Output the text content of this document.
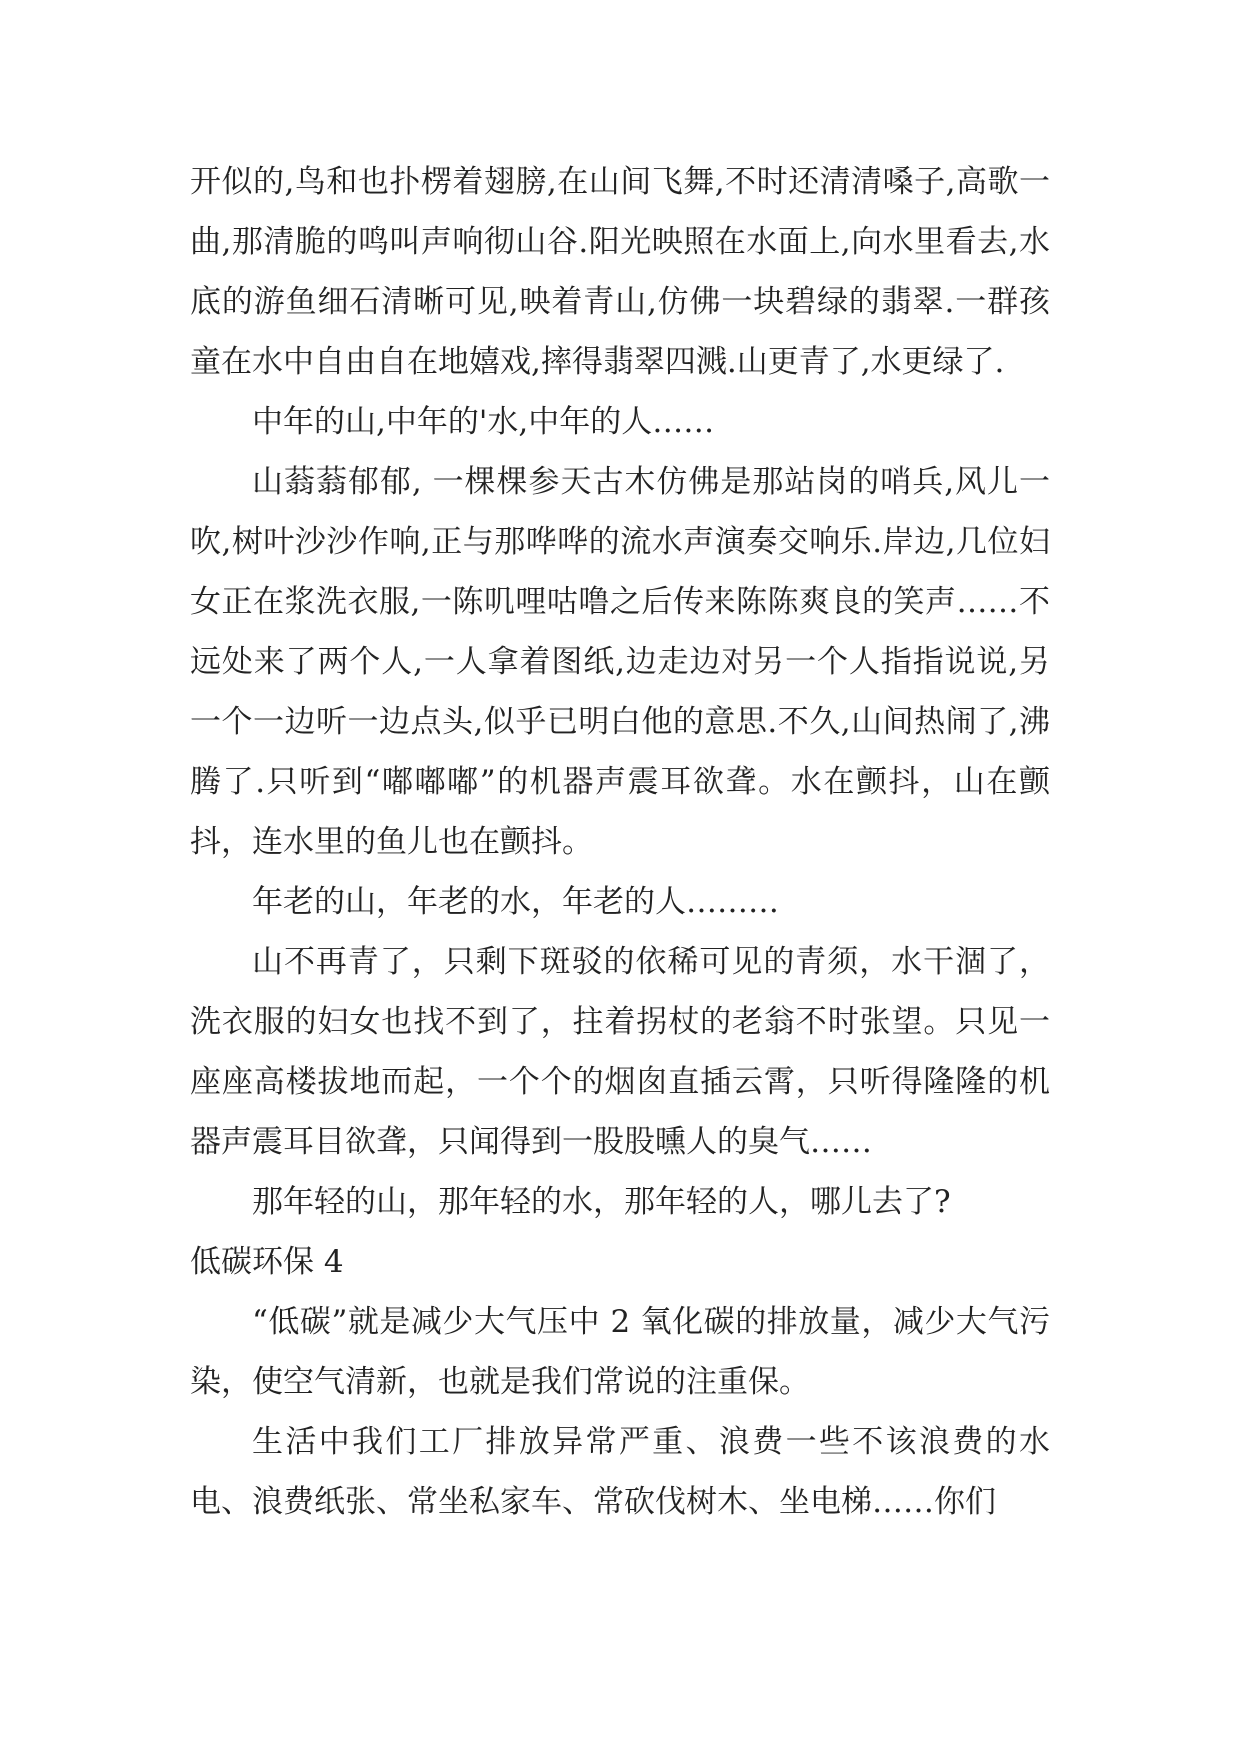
开似的,鸟和也扑楞着翅膀,在山间飞舞,不时还清清嗓子,高歌一曲,那清脆的鸣叫声响彻山谷.阳光映照在水面上,向水里看去,水底的游鱼细石清晰可见,映着青山,仿佛一块碧绿的翡翠.一群孩童在水中自由自在地嬉戏,摔得翡翠四溅.山更青了,水更绿了.

中年的山,中年的'水,中年的人……

山蓊蓊郁郁, 一棵棵参天古木仿佛是那站岗的哨兵,风儿一吹,树叶沙沙作响,正与那哗哗的流水声演奏交响乐.岸边,几位妇女正在浆洗衣服,一陈叽哩咕噜之后传来陈陈爽良的笑声……不远处来了两个人,一人拿着图纸,边走边对另一个人指指说说,另一个一边听一边点头,似乎已明白他的意思.不久,山间热闹了,沸腾了.只听到“嘟嘟嘟”的机器声震耳欲聋。水在颤抖，山在颤抖，连水里的鱼儿也在颤抖。

年老的山，年老的水，年老的人………

山不再青了，只剩下斑驳的依稀可见的青须，水干涸了，洗衣服的妇女也找不到了，拄着拐杖的老翁不时张望。只见一座座高楼拔地而起，一个个的烟囱直插云霄，只听得隆隆的机器声震耳目欲聋，只闻得到一股股曛人的臭气……

那年轻的山，那年轻的水，那年轻的人，哪儿去了?

低碳环保 4

“低碳”就是减少大气压中 2 氧化碳的排放量，减少大气污染，使空气清新，也就是我们常说的注重保。

生活中我们工厂排放异常严重、浪费一些不该浪费的水电、浪费纸张、常坐私家车、常砍伐树木、坐电梯……你们
